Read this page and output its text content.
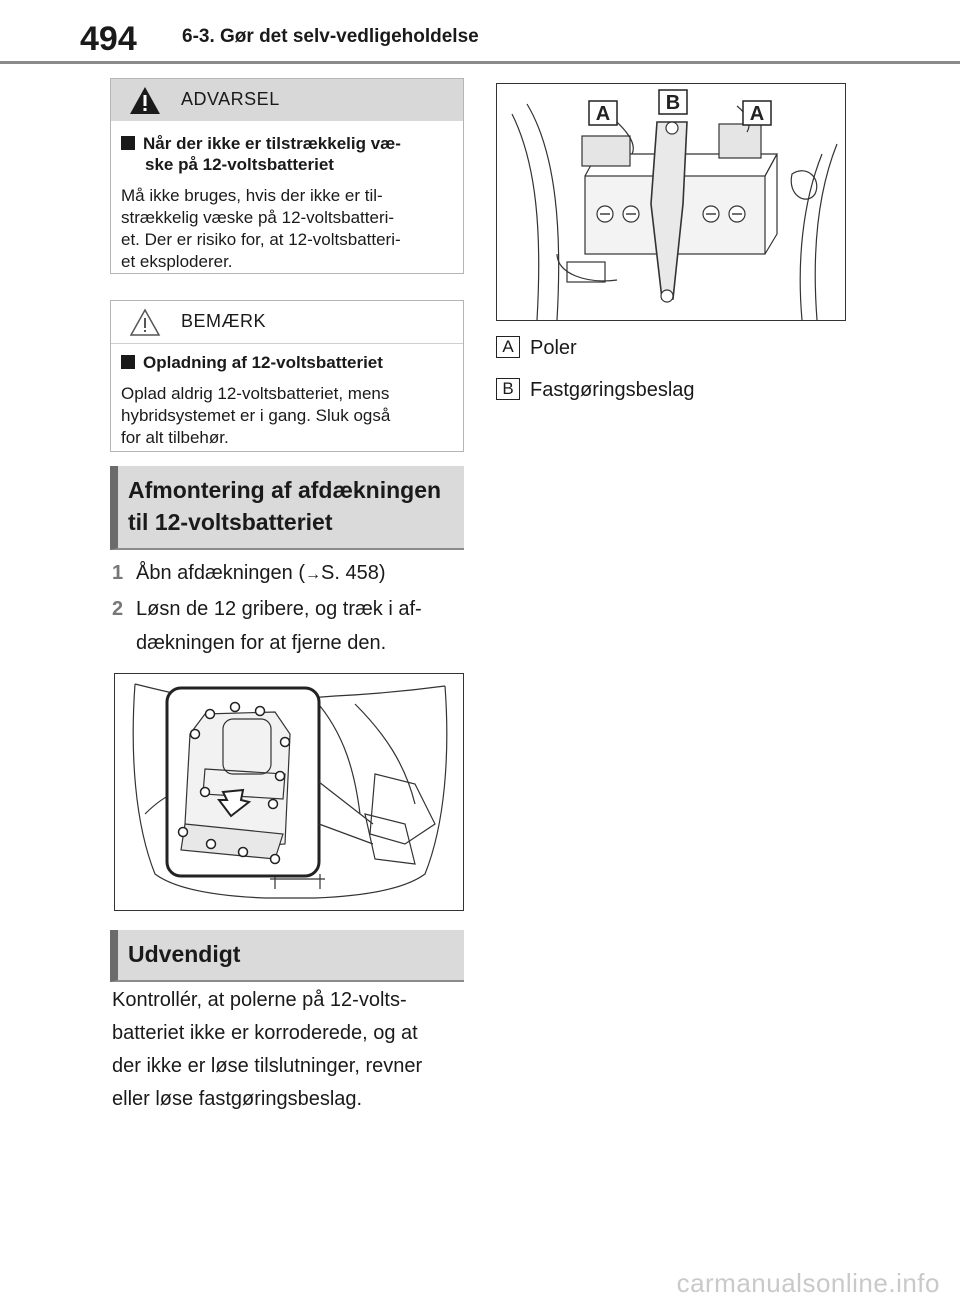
494 6-3. Gør det selv-vedligeholdelse
ADVARSEL
Når der ikke er tilstrækkelig væ-
ske på 12-voltsbatteriet
Må ikke bruges, hvis der ikke er til-
strækkelig væske på 12-voltsbatteri-
et. Der er risiko for, at 12-voltsbatteri-
et eksploderer.
BEMÆRK
Opladning af 12-voltsbatteriet
Oplad aldrig 12-voltsbatteriet, mens
hybridsystemet er i gang. Sluk også
for alt tilbehør.
Afmontering af afdækningen
til 12-voltsbatteriet
1 Åbn afdækningen (→S. 458)
2 Løsn de 12 gribere, og træk i af-
dækningen for at fjerne den.
Udvendigt
Kontrollér, at polerne på 12-volts-
batteriet ikke er korroderede, og at
der ikke er løse tilslutninger, revner
eller løse fastgøringsbeslag.
A	B	A
A Poler
B Fastgøringsbeslag
carmanualsonline.info
